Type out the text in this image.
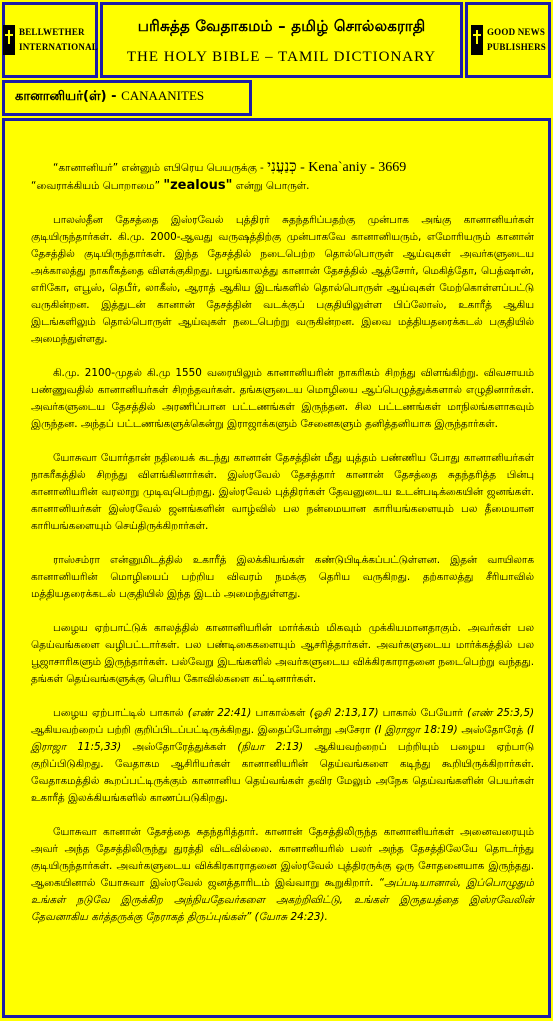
BELLWETHER
INTERNATIONAL
பரிசுத்த வேதாகமம் – தமிழ் சொல்லகராதி
THE HOLY BIBLE – TAMIL DICTIONARY
GOOD NEWS
PUBLISHERS
கானானியர்(ள்) - CANAANITES

“கானானியர்” என்னும் எபிரெய பெயருக்கு - כְּנַעֲנִי - Kena`aniy - 3669
“வைராக்கியம் பொறாமை” "zealous" என்று பொருள்.

பாலஸ்தீன தேசத்தை இஸ்ரவேல் புத்திரர் சுதந்தரிப்பதற்கு முன்பாக அங்கு கானானியர்கள் குடியிருந்தார்கள். கி.மு. 2000-ஆவது வருஷத்திற்கு முன்பாகவே கானானியரும், எமோரியரும் கானான் தேசத்தில் குடியிருந்தார்கள். இந்த தேசத்தில் நடைபெற்ற தொல்பொருள் ஆய்வுகள் அவர்களுடைய அக்காலத்து நாகரீகத்தை விளக்குகிறது. பழங்காலத்து கானான் தேசத்தில் ஆத்சோர், மெகித்தோ, பெத்ஷான், எரிகோ, எபூஸ், தெபீர், லாகீஸ், ஆராத் ஆகிய இடங்களில் தொல்பொருள் ஆய்வுகள் மேற்கொள்ளப்பட்டு வருகின்றன. இத்துடன் கானான் தேசத்தின் வடக்குப் பகுதியிலுள்ள பிப்லோஸ், உகாரீத் ஆகிய இடங்களிலும் தொல்பொருள் ஆய்வுகள் நடைபெற்று வருகின்றன. இவை மத்தியதரைக்கடல் பகுதியில் அமைந்துள்ளது.

கி.மு. 2100-முதல் கி.மு 1550 வரையிலும் கானானியரின் நாகரிகம் சிறந்து விளங்கிற்று. விவசாயம் பண்ணுவதில் கானானியர்கள் சிறந்தவர்கள். தங்களுடைய மொழியை ஆப்பெழுத்துக்களால் எழுதினார்கள். அவர்களுடைய தேசத்தில் அரணிப்பான பட்டணங்கள் இருந்தன. சில பட்டணங்கள் மாநிலங்களாகவும் இருந்தன. அந்தப் பட்டணங்களுக்கென்று இராஜாக்களும் சேனைகளும் தனித்தனியாக இருந்தார்கள்.

யோசுவா யோர்தான் நதியைக் கடந்து கானான் தேசத்தின் மீது யுத்தம் பண்ணிய போது கானானியர்கள் நாகரீகத்தில் சிறந்து விளங்கினார்கள். இஸ்ரவேல் தேசத்தார் கானான் தேசத்தை சுதந்தரித்த பின்பு கானானியரின் வரலாறு முடிவுபெற்றது. இஸ்ரவேல் புத்திரர்கள் தேவனுடைய உடன்படிக்கையின் ஜனங்கள். கானானியர்கள் இஸ்ரவேல் ஜனங்களின் வாழ்வில் பல நன்மையான காரியங்களையும் பல தீமையான காரியங்களையும் செய்திருக்கிறார்கள்.

ராஸ்சம்ரா என்னுமிடத்தில் உகாரீத் இலக்கியங்கள் கண்டுபிடிக்கப்பட்டுள்ளன. இதன் வாயிலாக கானானியரின் மொழியைப் பற்றிய விவரம் நமக்கு தெரிய வருகிறது. தற்காலத்து சீரியாவில் மத்தியதரைக்கடல் பகுதியில் இந்த இடம் அமைந்துள்ளது.

பழைய ஏற்பாட்டுக் காலத்தில் கானானியரின் மார்க்கம் மிகவும் முக்கியமானதாகும். அவர்கள் பல தெய்வங்களை வழிபட்டார்கள். பல பண்டிகைகளையும் ஆசரித்தார்கள். அவர்களுடைய மார்க்கத்தில் பல பூஜாசாரிகளும் இருந்தார்கள். பல்வேறு இடங்களில் அவர்களுடைய விக்கிரகாராதனை நடைபெற்று வந்தது. தங்கள் தெய்வங்களுக்கு பெரிய கோவில்களை கட்டினார்கள்.

பழைய ஏற்பாட்டில் பாகால் (எண் 22:41) பாகால்கள் (ஓசி 2:13,17) பாகால் பேயோர் (எண் 25:3,5) ஆகியவற்றைப் பற்றி குறிப்பிடப்பட்டிருக்கிறது. இதைப்போன்று அசேரா (I இராஜா 18:19) அஸ்தோரேத் (I இராஜா 11:5,33) அஸ்தோரேத்துக்கள் (நியா 2:13) ஆகியவற்றைப் பற்றியும் பழைய ஏற்பாடு குறிப்பிடுகிறது. வேதாகம ஆசிரியர்கள் கானானியரின் தெய்வங்களை கடிந்து கூறியிருக்கிறார்கள். வேதாகமத்தில் கூறப்பட்டிருக்கும் கானானிய தெய்வங்கள் தவிர மேலும் அநேக தெய்வங்களின் பெயர்கள் உகாரீத் இலக்கியங்களில் காணப்படுகிறது.

யோசுவா கானான் தேசத்தை சுதந்தரித்தார். கானான் தேசத்திலிருந்த கானானியர்கள் அனைவரையும் அவர் அந்த தேசத்திலிருந்து துரத்தி விடவில்லை. கானானியரில் பலர் அந்த தேசத்திலேயே தொடர்ந்து குடியிருந்தார்கள். அவர்களுடைய விக்கிரகாராதனை இஸ்ரவேல் புத்திரருக்கு ஒரு சோதனையாக இருந்தது. ஆகையினால் யோசுவா இஸ்ரவேல் ஜனத்தாரிடம் இவ்வாறு கூறுகிறார். “அப்படியானால், இப்பொழுதும் உங்கள் நடுவே இருக்கிற அந்நியதேவர்களை அகற்றிவிட்டு, உங்கள் இருதயத்தை இஸ்ரவேலின் தேவனாகிய கர்த்தருக்கு நேராகத் திருப்புங்கள்” (யோசு 24:23).
